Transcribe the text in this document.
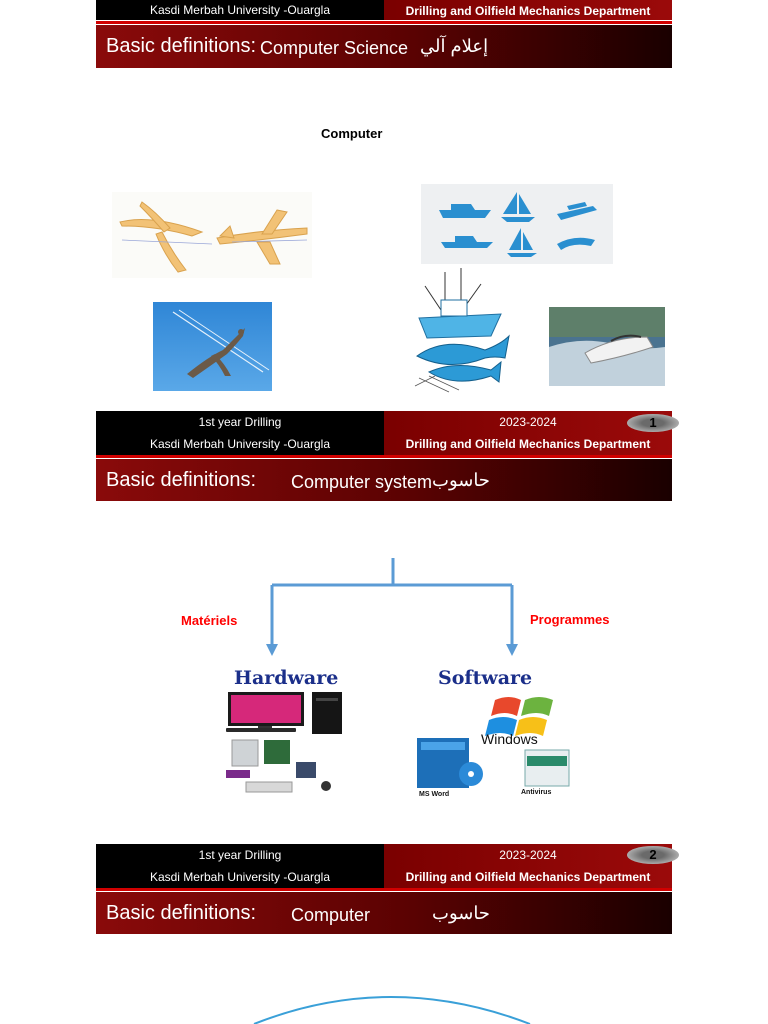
Kasdi Merbah University -Ouargla	Drilling and Oilfield Mechanics Department
Basic definitions: Computer Science إعلام آلي
Computer
1st year Drilling
Kasdi Merbah University -Ouargla
2023-2024
Drilling and Oilfield Mechanics Department
1
Basic definitions: Computer system حاسوب
Matériels	Programmes
Hardware	Software
Windows
MS Word	Antivirus
1st year Drilling
Kasdi Merbah University -Ouargla
2023-2024
Drilling and Oilfield Mechanics Department
2
Basic definitions: Computer	حاسوب
